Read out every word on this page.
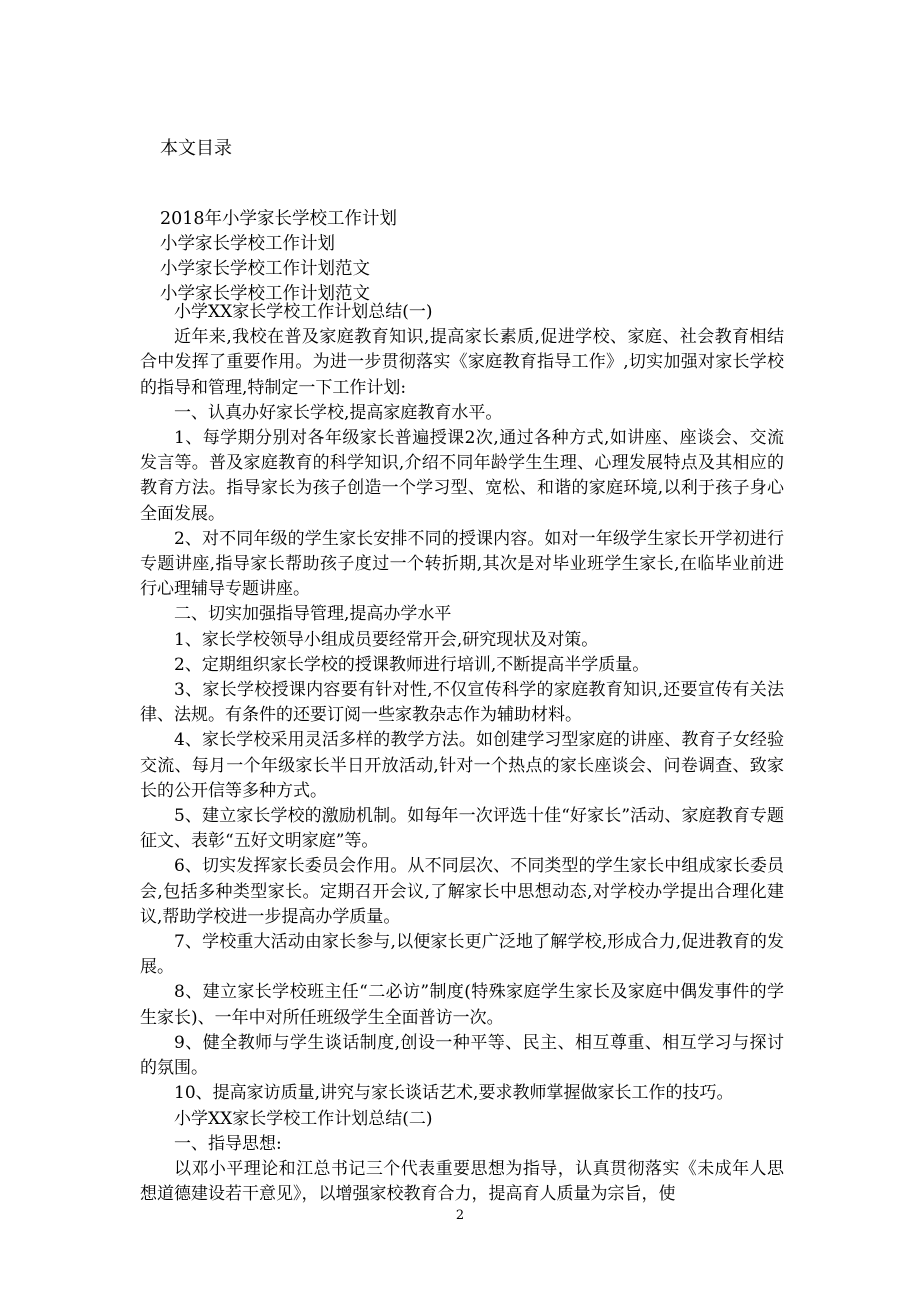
本文目录
2018年小学家长学校工作计划
小学家长学校工作计划
小学家长学校工作计划范文
小学家长学校工作计划范文

小学XX家长学校工作计划总结(一)

近年来,我校在普及家庭教育知识,提高家长素质,促进学校、家庭、社会教育相结合中发挥了重要作用。为进一步贯彻落实《家庭教育指导工作》,切实加强对家长学校的指导和管理,特制定一下工作计划:

一、认真办好家长学校,提高家庭教育水平。

1、每学期分别对各年级家长普遍授课2次,通过各种方式,如讲座、座谈会、交流发言等。普及家庭教育的科学知识,介绍不同年龄学生生理、心理发展特点及其相应的教育方法。指导家长为孩子创造一个学习型、宽松、和谐的家庭环境,以利于孩子身心全面发展。

2、对不同年级的学生家长安排不同的授课内容。如对一年级学生家长开学初进行专题讲座,指导家长帮助孩子度过一个转折期,其次是对毕业班学生家长,在临毕业前进行心理辅导专题讲座。

二、切实加强指导管理,提高办学水平

1、家长学校领导小组成员要经常开会,研究现状及对策。

2、定期组织家长学校的授课教师进行培训,不断提高半学质量。

3、家长学校授课内容要有针对性,不仅宣传科学的家庭教育知识,还要宣传有关法律、法规。有条件的还要订阅一些家教杂志作为辅助材料。

4、家长学校采用灵活多样的教学方法。如创建学习型家庭的讲座、教育子女经验交流、每月一个年级家长半日开放活动,针对一个热点的家长座谈会、问卷调查、致家长的公开信等多种方式。

5、建立家长学校的激励机制。如每年一次评选十佳“好家长”活动、家庭教育专题征文、表彰“五好文明家庭”等。

6、切实发挥家长委员会作用。从不同层次、不同类型的学生家长中组成家长委员会,包括多种类型家长。定期召开会议,了解家长中思想动态,对学校办学提出合理化建议,帮助学校进一步提高办学质量。

7、学校重大活动由家长参与,以便家长更广泛地了解学校,形成合力,促进教育的发展。

8、建立家长学校班主任“二必访”制度(特殊家庭学生家长及家庭中偶发事件的学生家长)、一年中对所任班级学生全面普访一次。

9、健全教师与学生谈话制度,创设一种平等、民主、相互尊重、相互学习与探讨的氛围。

10、提高家访质量,讲究与家长谈话艺术,要求教师掌握做家长工作的技巧。

小学XX家长学校工作计划总结(二)

一、指导思想:

以邓小平理论和江总书记三个代表重要思想为指导，认真贯彻落实《未成年人思想道德建设若干意见》，以增强家校教育合力，提高育人质量为宗旨，使

2
